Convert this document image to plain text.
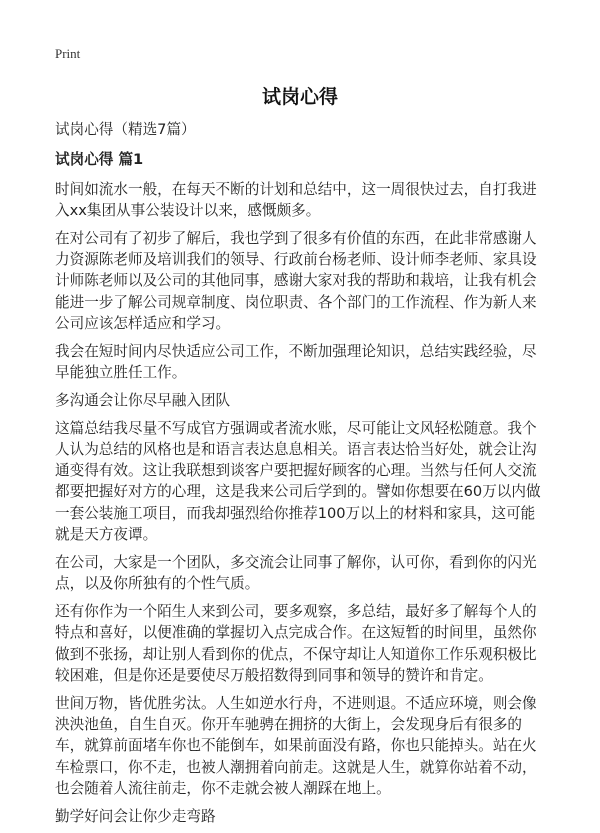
Print
试岗心得

试岗心得（精选7篇）

试岗心得 篇1

时间如流水一般，在每天不断的计划和总结中，这一周很快过去，自打我进入xx集团从事公装设计以来，感慨颇多。

在对公司有了初步了解后，我也学到了很多有价值的东西，在此非常感谢人力资源陈老师及培训我们的领导、行政前台杨老师、设计师李老师、家具设计师陈老师以及公司的其他同事，感谢大家对我的帮助和栽培，让我有机会能进一步了解公司规章制度、岗位职责、各个部门的工作流程、作为新人来公司应该怎样适应和学习。

我会在短时间内尽快适应公司工作，不断加强理论知识，总结实践经验，尽早能独立胜任工作。

多沟通会让你尽早融入团队

这篇总结我尽量不写成官方强调或者流水账，尽可能让文风轻松随意。我个人认为总结的风格也是和语言表达息息相关。语言表达恰当好处，就会让沟通变得有效。这让我联想到谈客户要把握好顾客的心理。当然与任何人交流都要把握好对方的心理，这是我来公司后学到的。譬如你想要在60万以内做一套公装施工项目，而我却强烈给你推荐100万以上的材料和家具，这可能就是天方夜谭。

在公司，大家是一个团队，多交流会让同事了解你，认可你，看到你的闪光点，以及你所独有的个性气质。

还有你作为一个陌生人来到公司，要多观察，多总结，最好多了解每个人的特点和喜好，以便准确的掌握切入点完成合作。在这短暂的时间里，虽然你做到不张扬，却让别人看到你的优点，不保守却让人知道你工作乐观积极比较困难，但是你还是要使尽万般招数得到同事和领导的赞许和肯定。

世间万物，皆优胜劣汰。人生如逆水行舟，不进则退。不适应环境，则会像泱泱池鱼，自生自灭。你开车驰骋在拥挤的大街上，会发现身后有很多的车，就算前面堵车你也不能倒车，如果前面没有路，你也只能掉头。站在火车检票口，你不走，也被人潮拥着向前走。这就是人生，就算你站着不动，也会随着人流往前走，你不走就会被人潮踩在地上。

勤学好问会让你少走弯路
